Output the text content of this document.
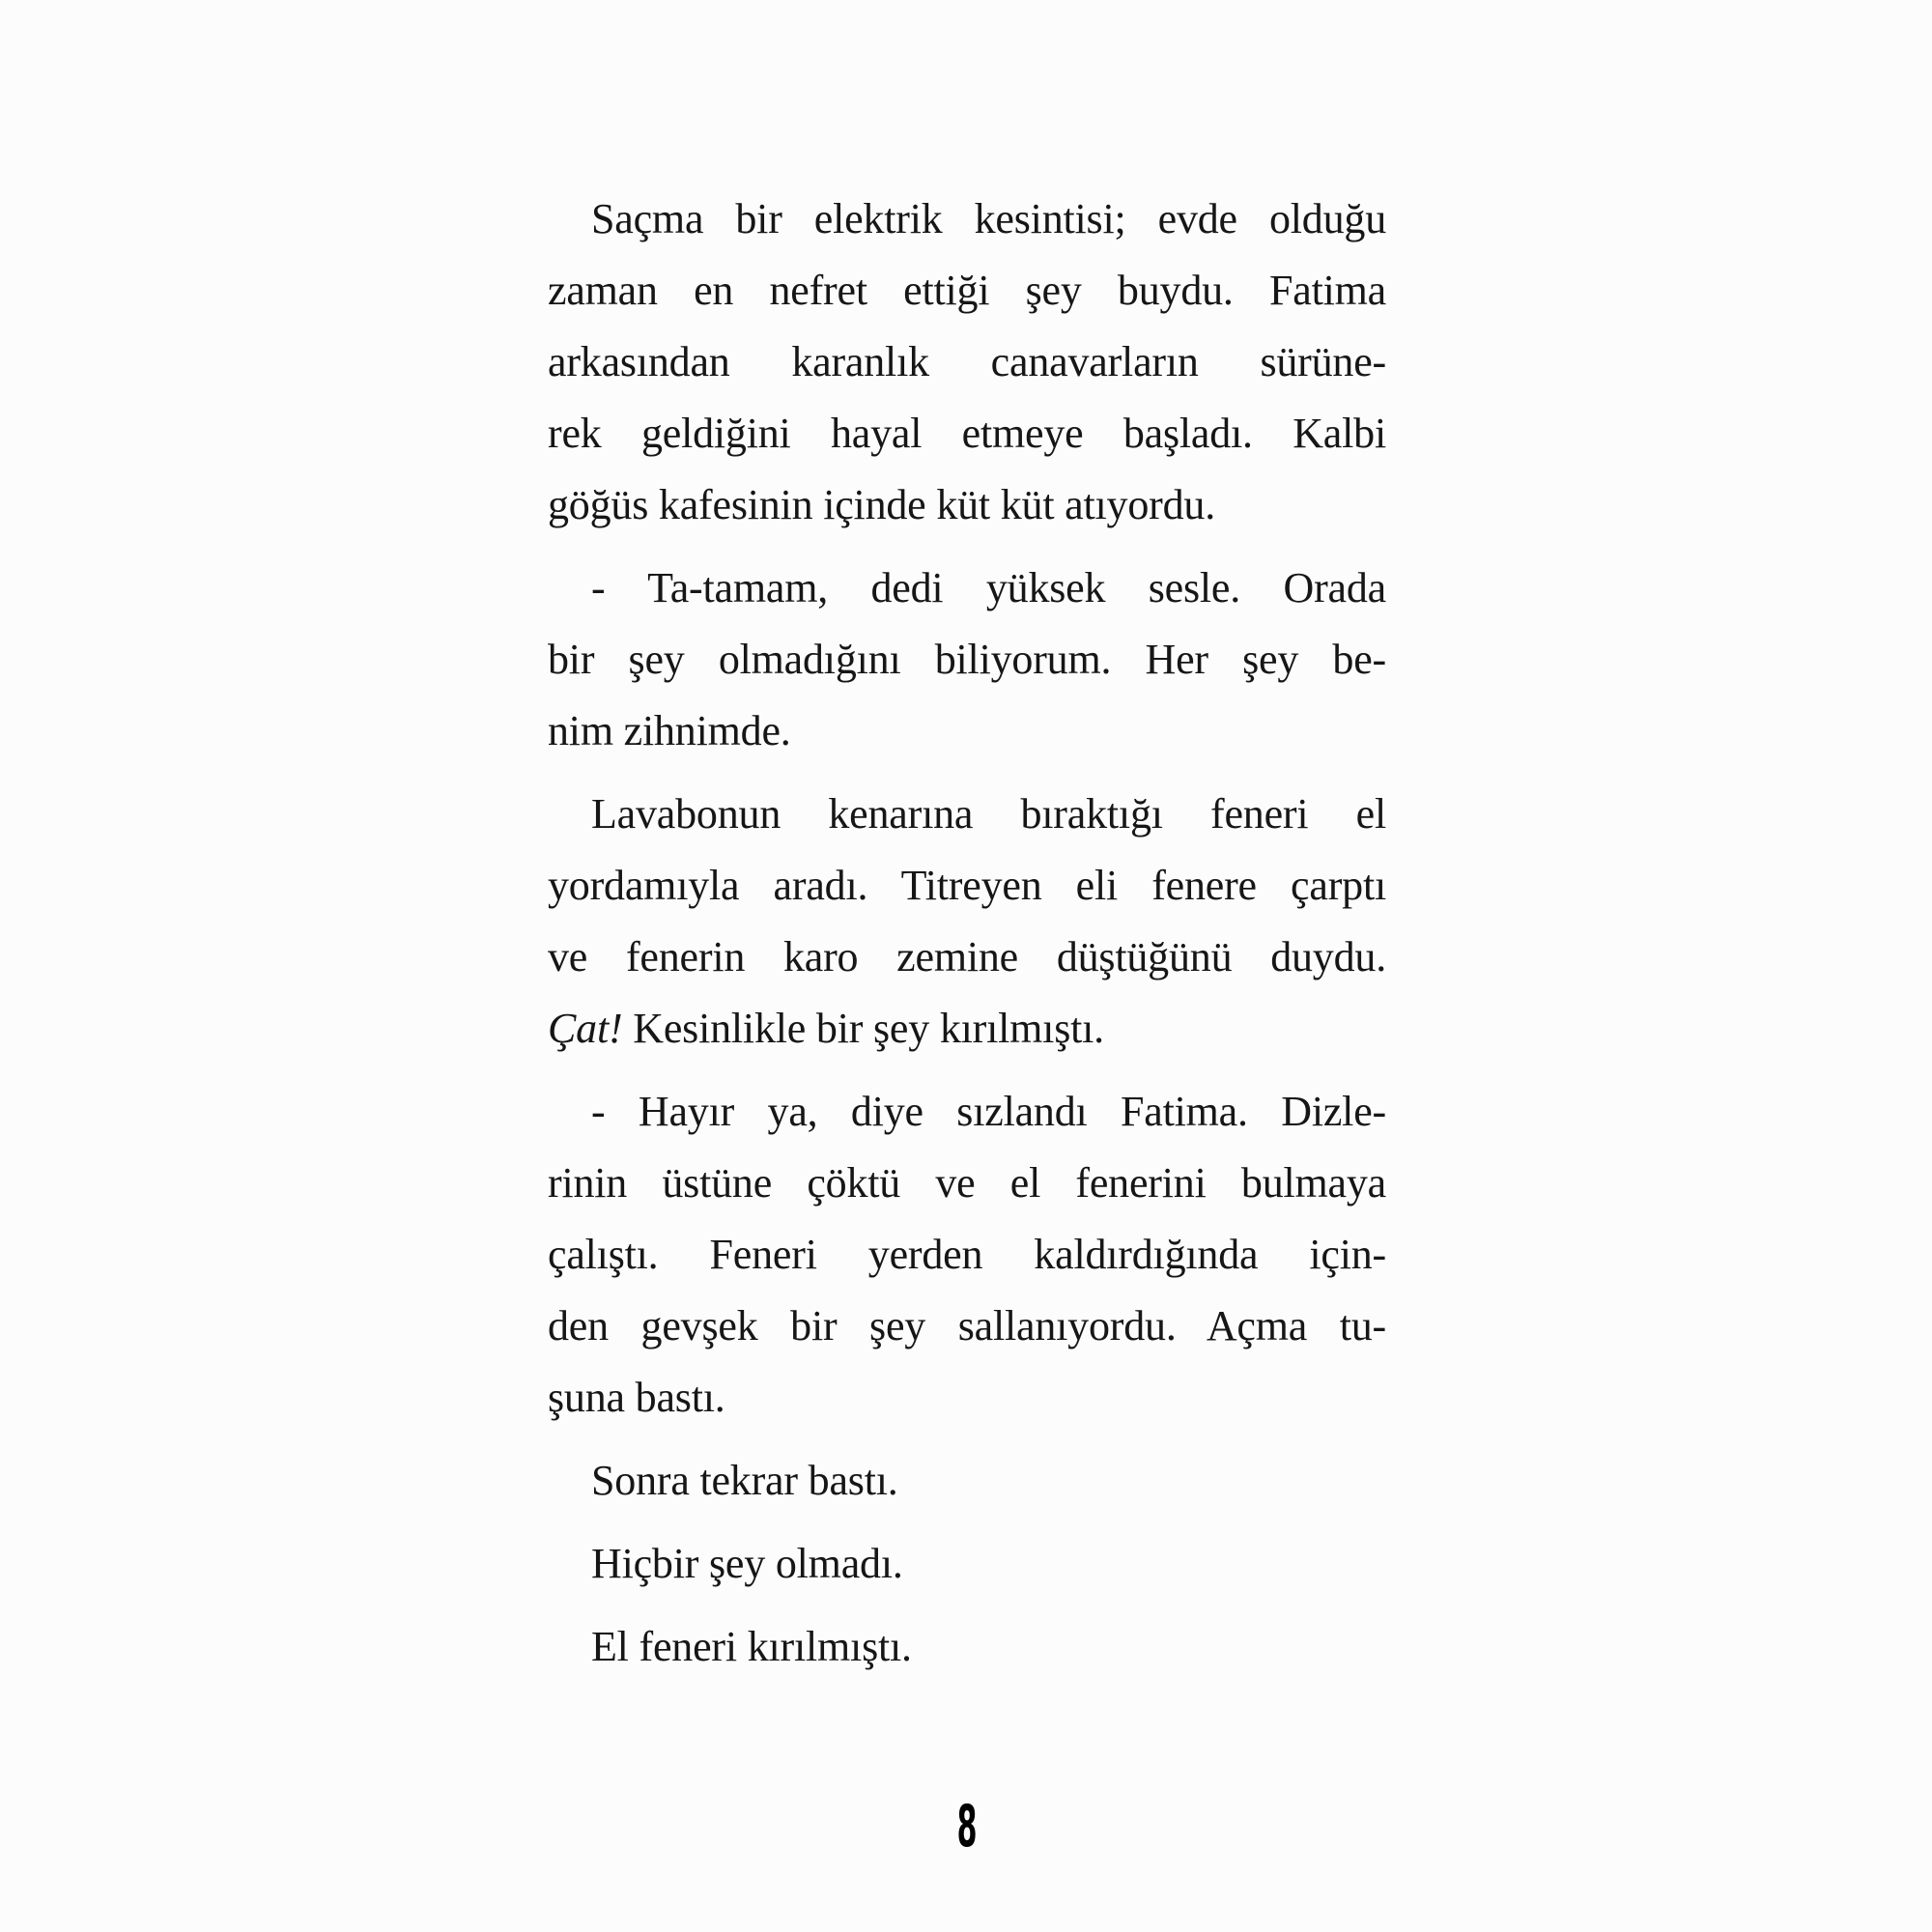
Saçma bir elektrik kesintisi; evde olduğu
zaman en nefret ettiği şey buydu. Fatima
arkasından karanlık canavarların sürüne-
rek geldiğini hayal etmeye başladı. Kalbi
göğüs kafesinin içinde küt küt atıyordu.
- Ta-tamam, dedi yüksek sesle. Orada
bir şey olmadığını biliyorum. Her şey be-
nim zihnimde.
Lavabonun kenarına bıraktığı feneri el
yordamıyla aradı. Titreyen eli fenere çarptı
ve fenerin karo zemine düştüğünü duydu.
Çat! Kesinlikle bir şey kırılmıştı.
- Hayır ya, diye sızlandı Fatima. Dizle-
rinin üstüne çöktü ve el fenerini bulmaya
çalıştı. Feneri yerden kaldırdığında için-
den gevşek bir şey sallanıyordu. Açma tu-
şuna bastı.
Sonra tekrar bastı.
Hiçbir şey olmadı.
El feneri kırılmıştı.
8
